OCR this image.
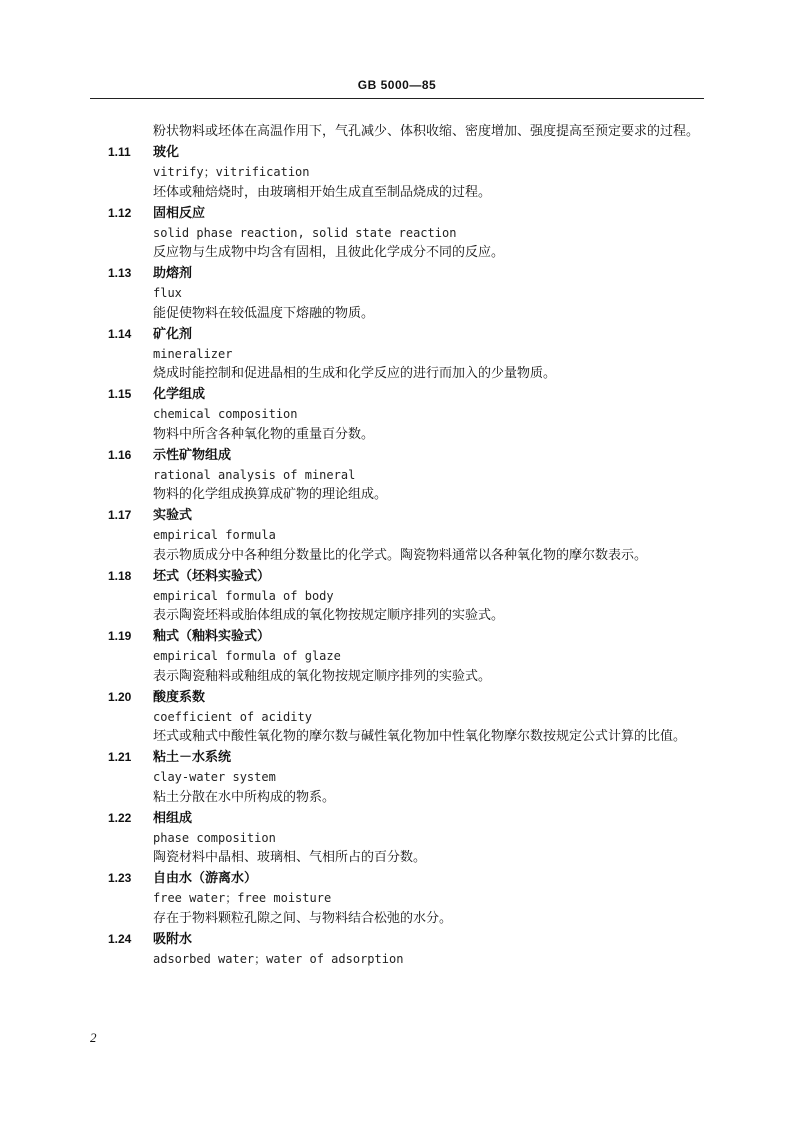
GB 5000—85
粉状物料或坯体在高温作用下，气孔减少、体积收缩、密度增加、强度提高至预定要求的过程。
1.11	玻化
vitrify；vitrification
坯体或釉焙烧时，由玻璃相开始生成直至制品烧成的过程。
1.12	固相反应
solid phase reaction, solid state reaction
反应物与生成物中均含有固相，且彼此化学成分不同的反应。
1.13	助熔剂
flux
能促使物料在较低温度下熔融的物质。
1.14	矿化剂
mineralizer
烧成时能控制和促进晶相的生成和化学反应的进行而加入的少量物质。
1.15	化学组成
chemical composition
物料中所含各种氧化物的重量百分数。
1.16	示性矿物组成
rational analysis of mineral
物料的化学组成换算成矿物的理论组成。
1.17	实验式
empirical formula
表示物质成分中各种组分数量比的化学式。陶瓷物料通常以各种氧化物的摩尔数表示。
1.18	坯式（坯料实验式）
empirical formula of body
表示陶瓷坯料或胎体组成的氧化物按规定顺序排列的实验式。
1.19	釉式（釉料实验式）
empirical formula of glaze
表示陶瓷釉料或釉组成的氧化物按规定顺序排列的实验式。
1.20	酸度系数
coefficient of acidity
坯式或釉式中酸性氧化物的摩尔数与碱性氧化物加中性氧化物摩尔数按规定公式计算的比值。
1.21	粘土－水系统
clay-water system
粘土分散在水中所构成的物系。
1.22	相组成
phase composition
陶瓷材料中晶相、玻璃相、气相所占的百分数。
1.23	自由水（游离水）
free water；free moisture
存在于物料颗粒孔隙之间、与物料结合松弛的水分。
1.24	吸附水
adsorbed water；water of adsorption
2
